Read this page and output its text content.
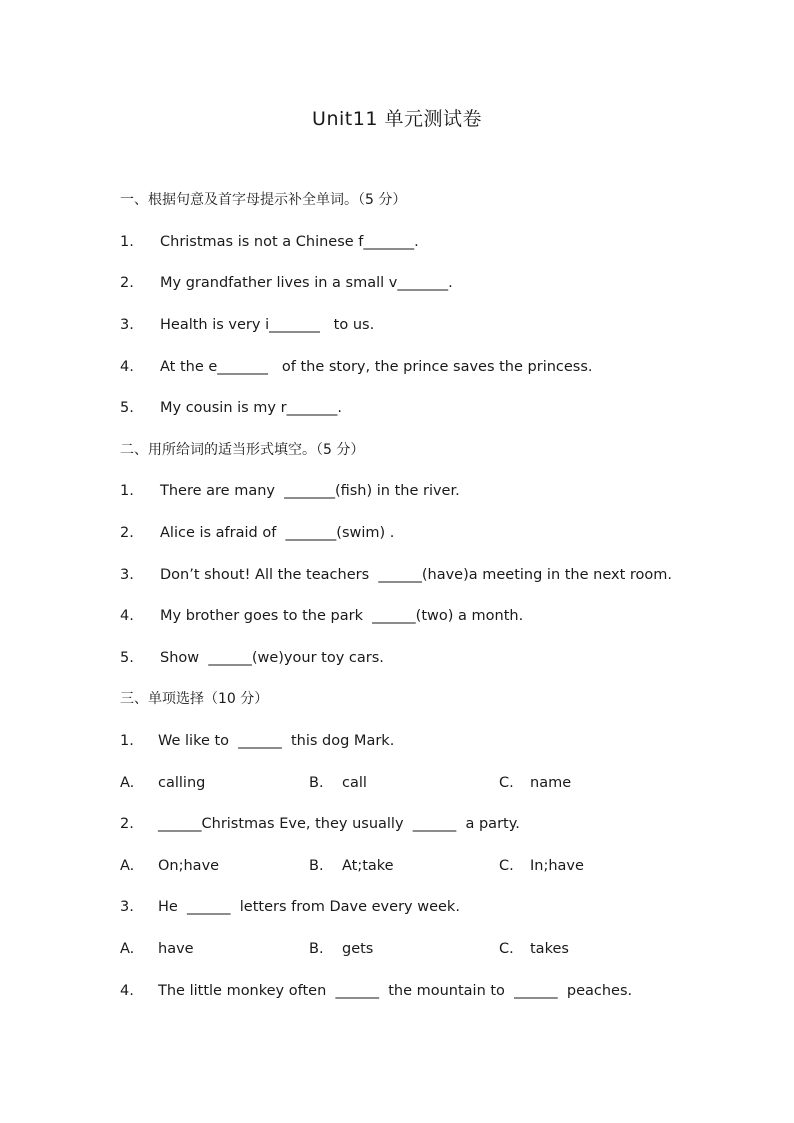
Unit11 单元测试卷
一、根据句意及首字母提示补全单词。（5 分）
1.	Christmas is not a Chinese f_______.
2.	My grandfather lives in a small v_______.
3.	Health is very i_______   to us.
4.	At the e_______   of the story, the prince saves the princess.
5.	My cousin is my r_______.
二、用所给词的适当形式填空。（5 分）
1.	There are many  _______(fish) in the river.
2.	Alice is afraid of  _______(swim) .
3.	Don’t shout! All the teachers  ______(have)a meeting in the next room.
4.	My brother goes to the park  ______(two) a month.
5.	Show  ______(we)your toy cars.
三、单项选择（10 分）
1.	We like to  ______  this dog Mark.
A. calling	B. call	C. name
2.	______Christmas Eve, they usually  ______  a party.
A. On;have	B. At;take	C. In;have
3.	He  ______  letters from Dave every week.
A. have	B. gets	C. takes
4.	The little monkey often  ______  the mountain to  ______  peaches.
